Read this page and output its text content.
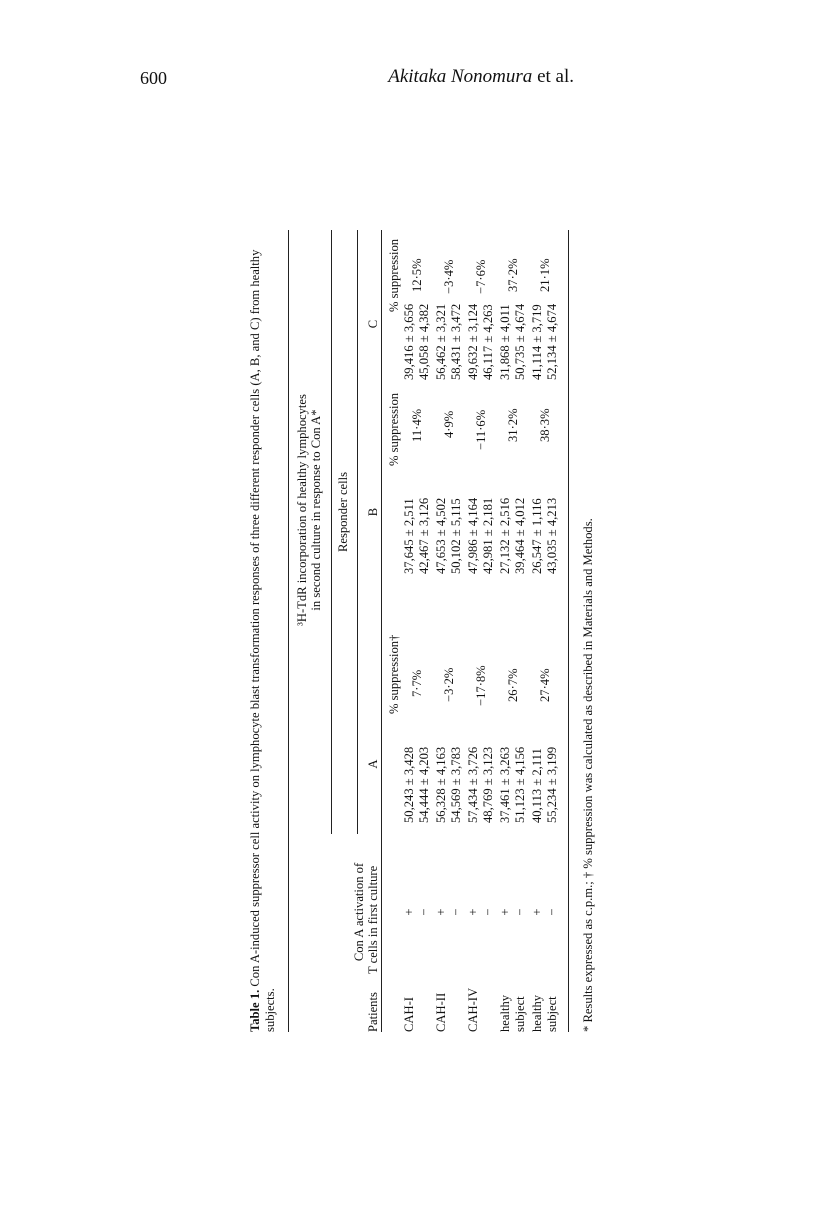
600	Akitaka Nonomura et al.
Table 1. Con A-induced suppressor cell activity on lymphocyte blast transformation responses of three different responder cells (A, B, and C) from healthy subjects.
³H-TdR incorporation of healthy lymphocytes in second culture in response to Con A* Responder cells
Con A activation of
Patients
T cells in first culture
A
B
C
% suppression†
% suppression
% suppression
CAH-I
+
50,243 ± 3,428
7·7%
37,645 ± 2,511
11·4%
39,416 ± 3,656
12·5%
−
54,444 ± 4,203
42,467 ± 3,126
45,058 ± 4,382
CAH-II
+
56,328 ± 4,163
−3·2%
47,653 ± 4,502
4·9%
56,462 ± 3,321
−3·4%
−
54,569 ± 3,783
50,102 ± 5,115
58,431 ± 3,472
CAH-IV
+
57,434 ± 3,726
−17·8%
47,986 ± 4,164
−11·6%
49,632 ± 3,124
−7·6%
−
48,769 ± 3,123
42,981 ± 2,181
46,117 ± 4,263
healthy
+
37,461 ± 3,263
26·7%
27,132 ± 2,516
31·2%
31,868 ± 4,011
37·2%
subject
−
51,123 ± 4,156
39,464 ± 4,012
50,735 ± 4,674
healthy
+
40,113 ± 2,111
27·4%
26,547 ± 1,116
38·3%
41,114 ± 3,719
21·1%
subject
−
55,234 ± 3,199
43,035 ± 4,213
52,134 ± 4,674
* Results expressed as c.p.m.; † % suppression was calculated as described in Materials and Methods.
